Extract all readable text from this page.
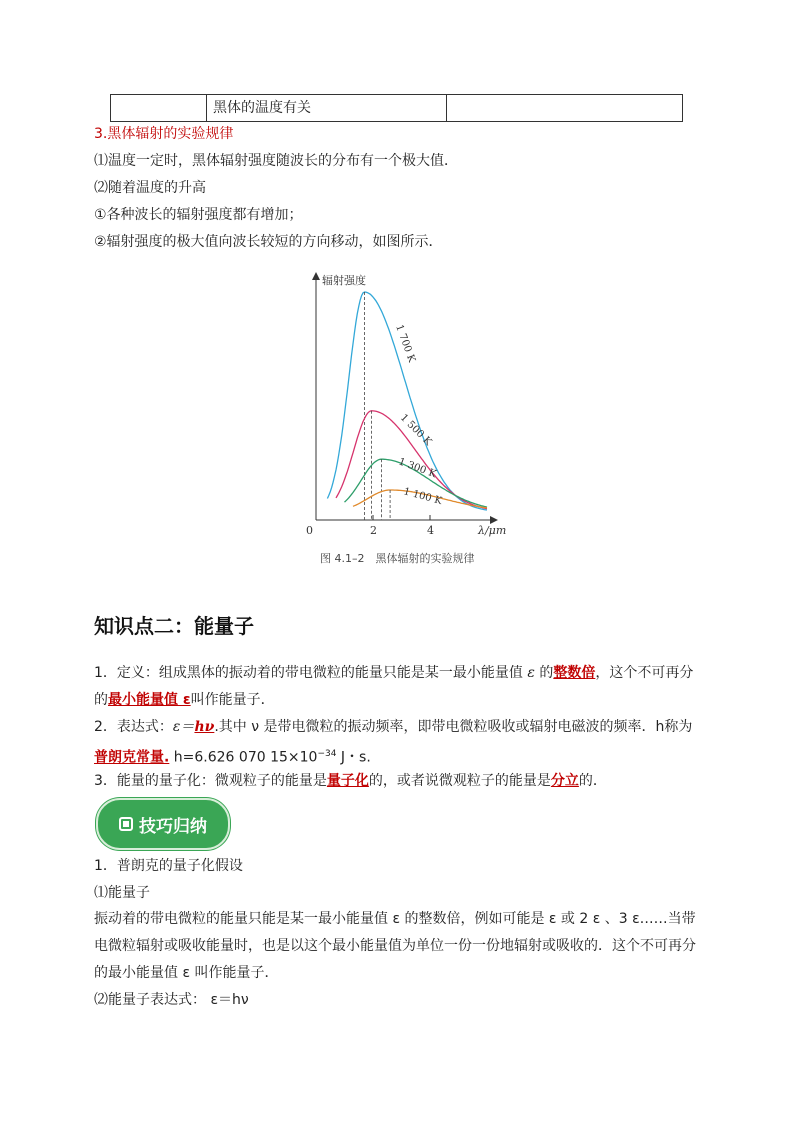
黑体的温度有关
3.黑体辐射的实验规律
⑴温度一定时，黑体辐射强度随波长的分布有一个极大值．
⑵随着温度的升高
①各种波长的辐射强度都有增加；
②辐射强度的极大值向波长较短的方向移动，如图所示．
辐射强度
λ/μm
0	2	4
1 700 K
1 500 K
1 300 K
1 100 K
图 4.1–2　黑体辐射的实验规律
知识点二：能量子
1．定义：组成黑体的振动着的带电微粒的能量只能是某一最小能量值 ε 的整数倍，这个不可再分的最小能量值 ε叫作能量子．
2．表达式：ε＝hν.其中 ν 是带电微粒的振动频率，即带电微粒吸收或辐射电磁波的频率．h称为普朗克常量. h=6.626 070 $15\times 10^{-34}$ J・s.
3．能量的量子化：微观粒子的能量是量子化的，或者说微观粒子的能量是分立的．
技巧归纳
1．普朗克的量子化假设
⑴能量子
振动着的带电微粒的能量只能是某一最小能量值 ε 的整数倍，例如可能是 ε 或 2 ε 、3 ε……当带电微粒辐射或吸收能量时，也是以这个最小能量值为单位一份一份地辐射或吸收的．这个不可再分的最小能量值 ε 叫作能量子．
⑵能量子表达式： ε＝hν
